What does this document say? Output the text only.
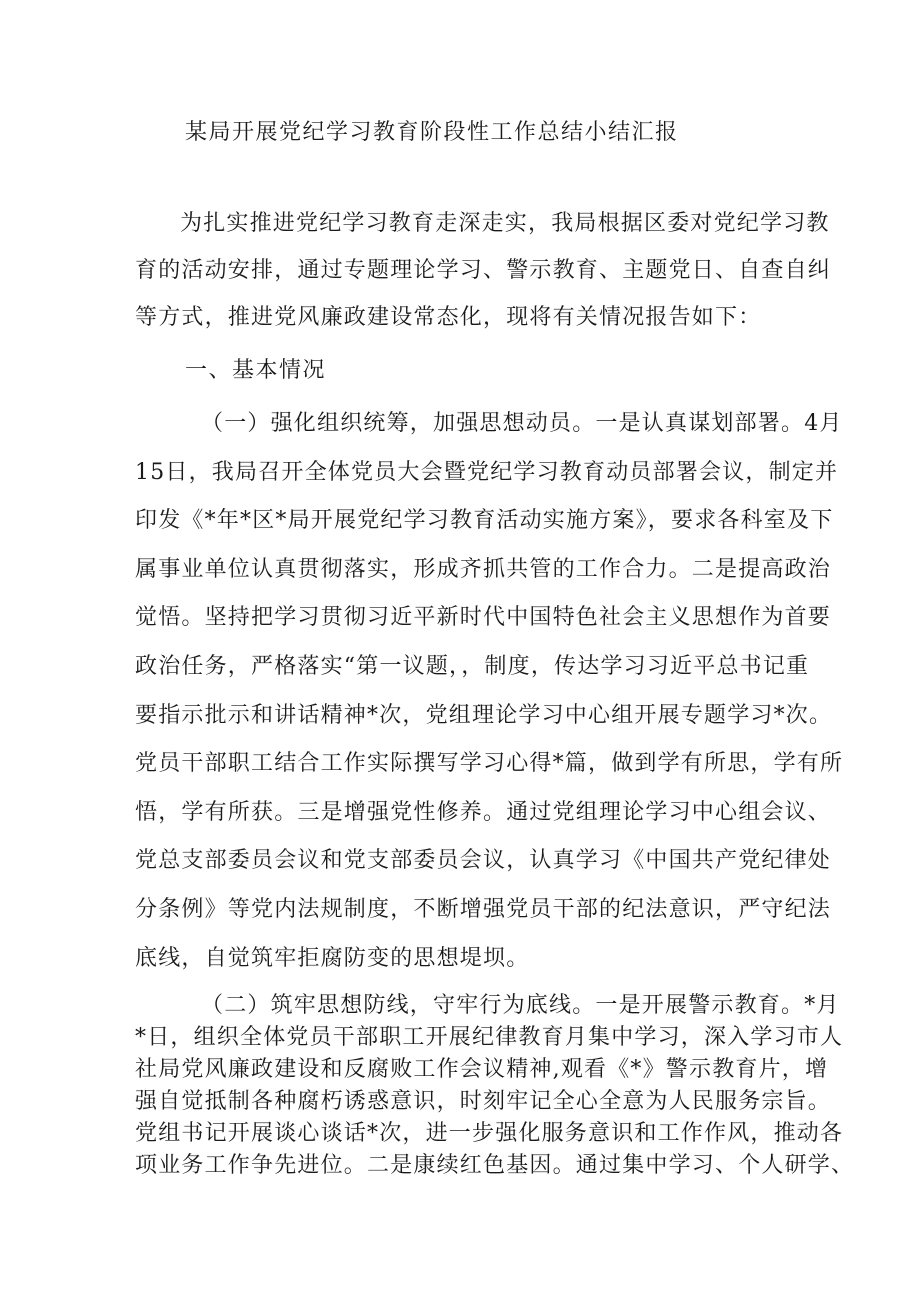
某局开展党纪学习教育阶段性工作总结小结汇报
为扎实推进党纪学习教育走深走实，我局根据区委对党纪学习教
育的活动安排，通过专题理论学习、警示教育、主题党日、自查自纠
等方式，推进党风廉政建设常态化，现将有关情况报告如下：
一、基本情况
（一）强化组织统筹，加强思想动员。一是认真谋划部署。4月
15日，我局召开全体党员大会暨党纪学习教育动员部署会议，制定并
印发《*年*区*局开展党纪学习教育活动实施方案》，要求各科室及下
属事业单位认真贯彻落实，形成齐抓共管的工作合力。二是提高政治
觉悟。坚持把学习贯彻习近平新时代中国特色社会主义思想作为首要
政治任务，严格落实“第一议题，，制度，传达学习习近平总书记重
要指示批示和讲话精神*次，党组理论学习中心组开展专题学习*次。
党员干部职工结合工作实际撰写学习心得*篇，做到学有所思，学有所
悟，学有所获。三是增强党性修养。通过党组理论学习中心组会议、
党总支部委员会议和党支部委员会议，认真学习《中国共产党纪律处
分条例》等党内法规制度，不断增强党员干部的纪法意识，严守纪法
底线，自觉筑牢拒腐防变的思想堤坝。
（二）筑牢思想防线，守牢行为底线。一是开展警示教育。*月
*日，组织全体党员干部职工开展纪律教育月集中学习，深入学习市人
社局党风廉政建设和反腐败工作会议精神,观看《*》警示教育片，增
强自觉抵制各种腐朽诱惑意识，时刻牢记全心全意为人民服务宗旨。
党组书记开展谈心谈话*次，进一步强化服务意识和工作作风，推动各
项业务工作争先进位。二是康续红色基因。通过集中学习、个人研学、
